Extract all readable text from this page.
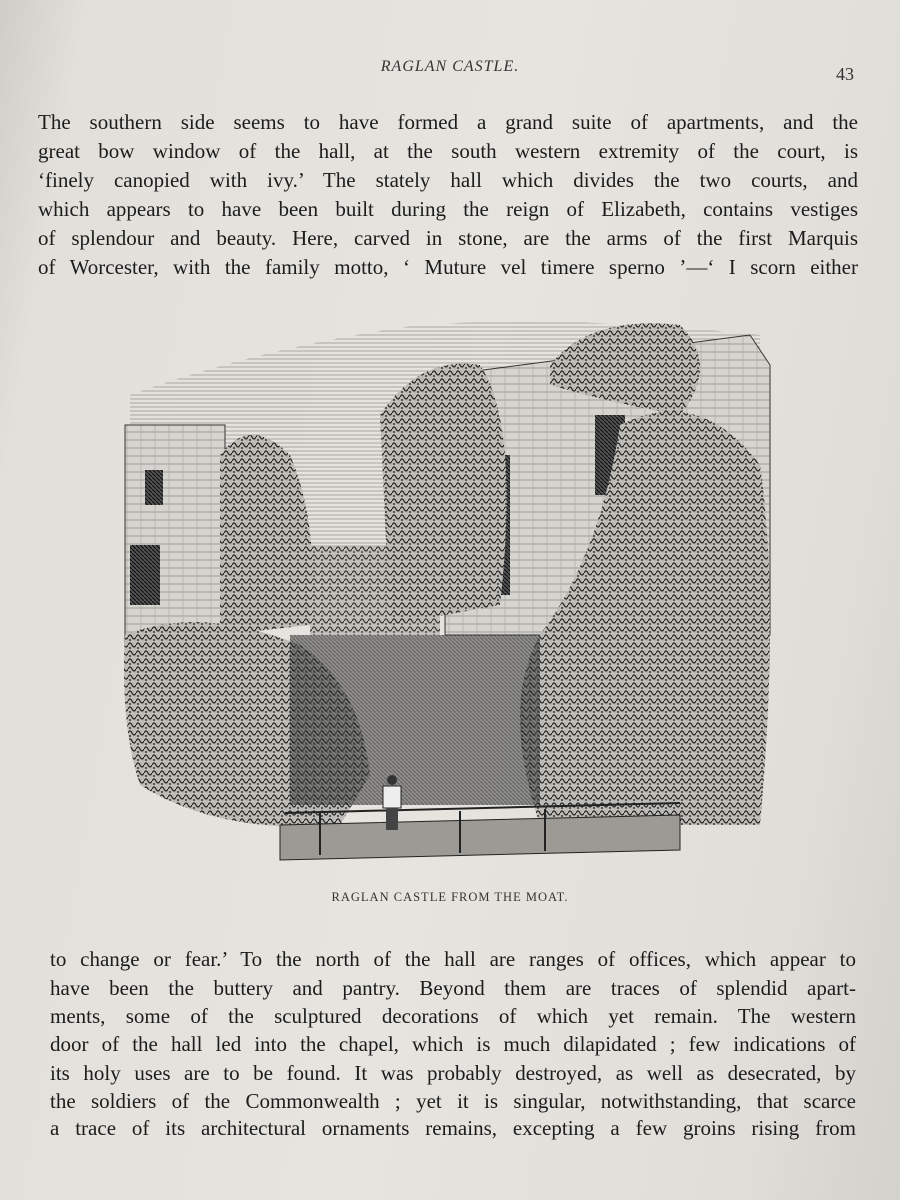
RAGLAN CASTLE.	43
The southern side seems to have formed a grand suite of apartments, and the
great bow window of the hall, at the south western extremity of the court, is
‘finely canopied with ivy.’ The stately hall which divides the two courts, and
which appears to have been built during the reign of Elizabeth, contains vestiges
of splendour and beauty. Here, carved in stone, are the arms of the first Marquis
of Worcester, with the family motto, ‘ Muture vel timere sperno ’—‘ I scorn either
RAGLAN CASTLE FROM THE MOAT.
to change or fear.’ To the north of the hall are ranges of offices, which appear to
have been the buttery and pantry. Beyond them are traces of splendid apart-
ments, some of the sculptured decorations of which yet remain. The western
door of the hall led into the chapel, which is much dilapidated ; few indications of
its holy uses are to be found. It was probably destroyed, as well as desecrated, by
the soldiers of the Commonwealth ; yet it is singular, notwithstanding, that scarce
a trace of its architectural ornaments remains, excepting a few groins rising from
